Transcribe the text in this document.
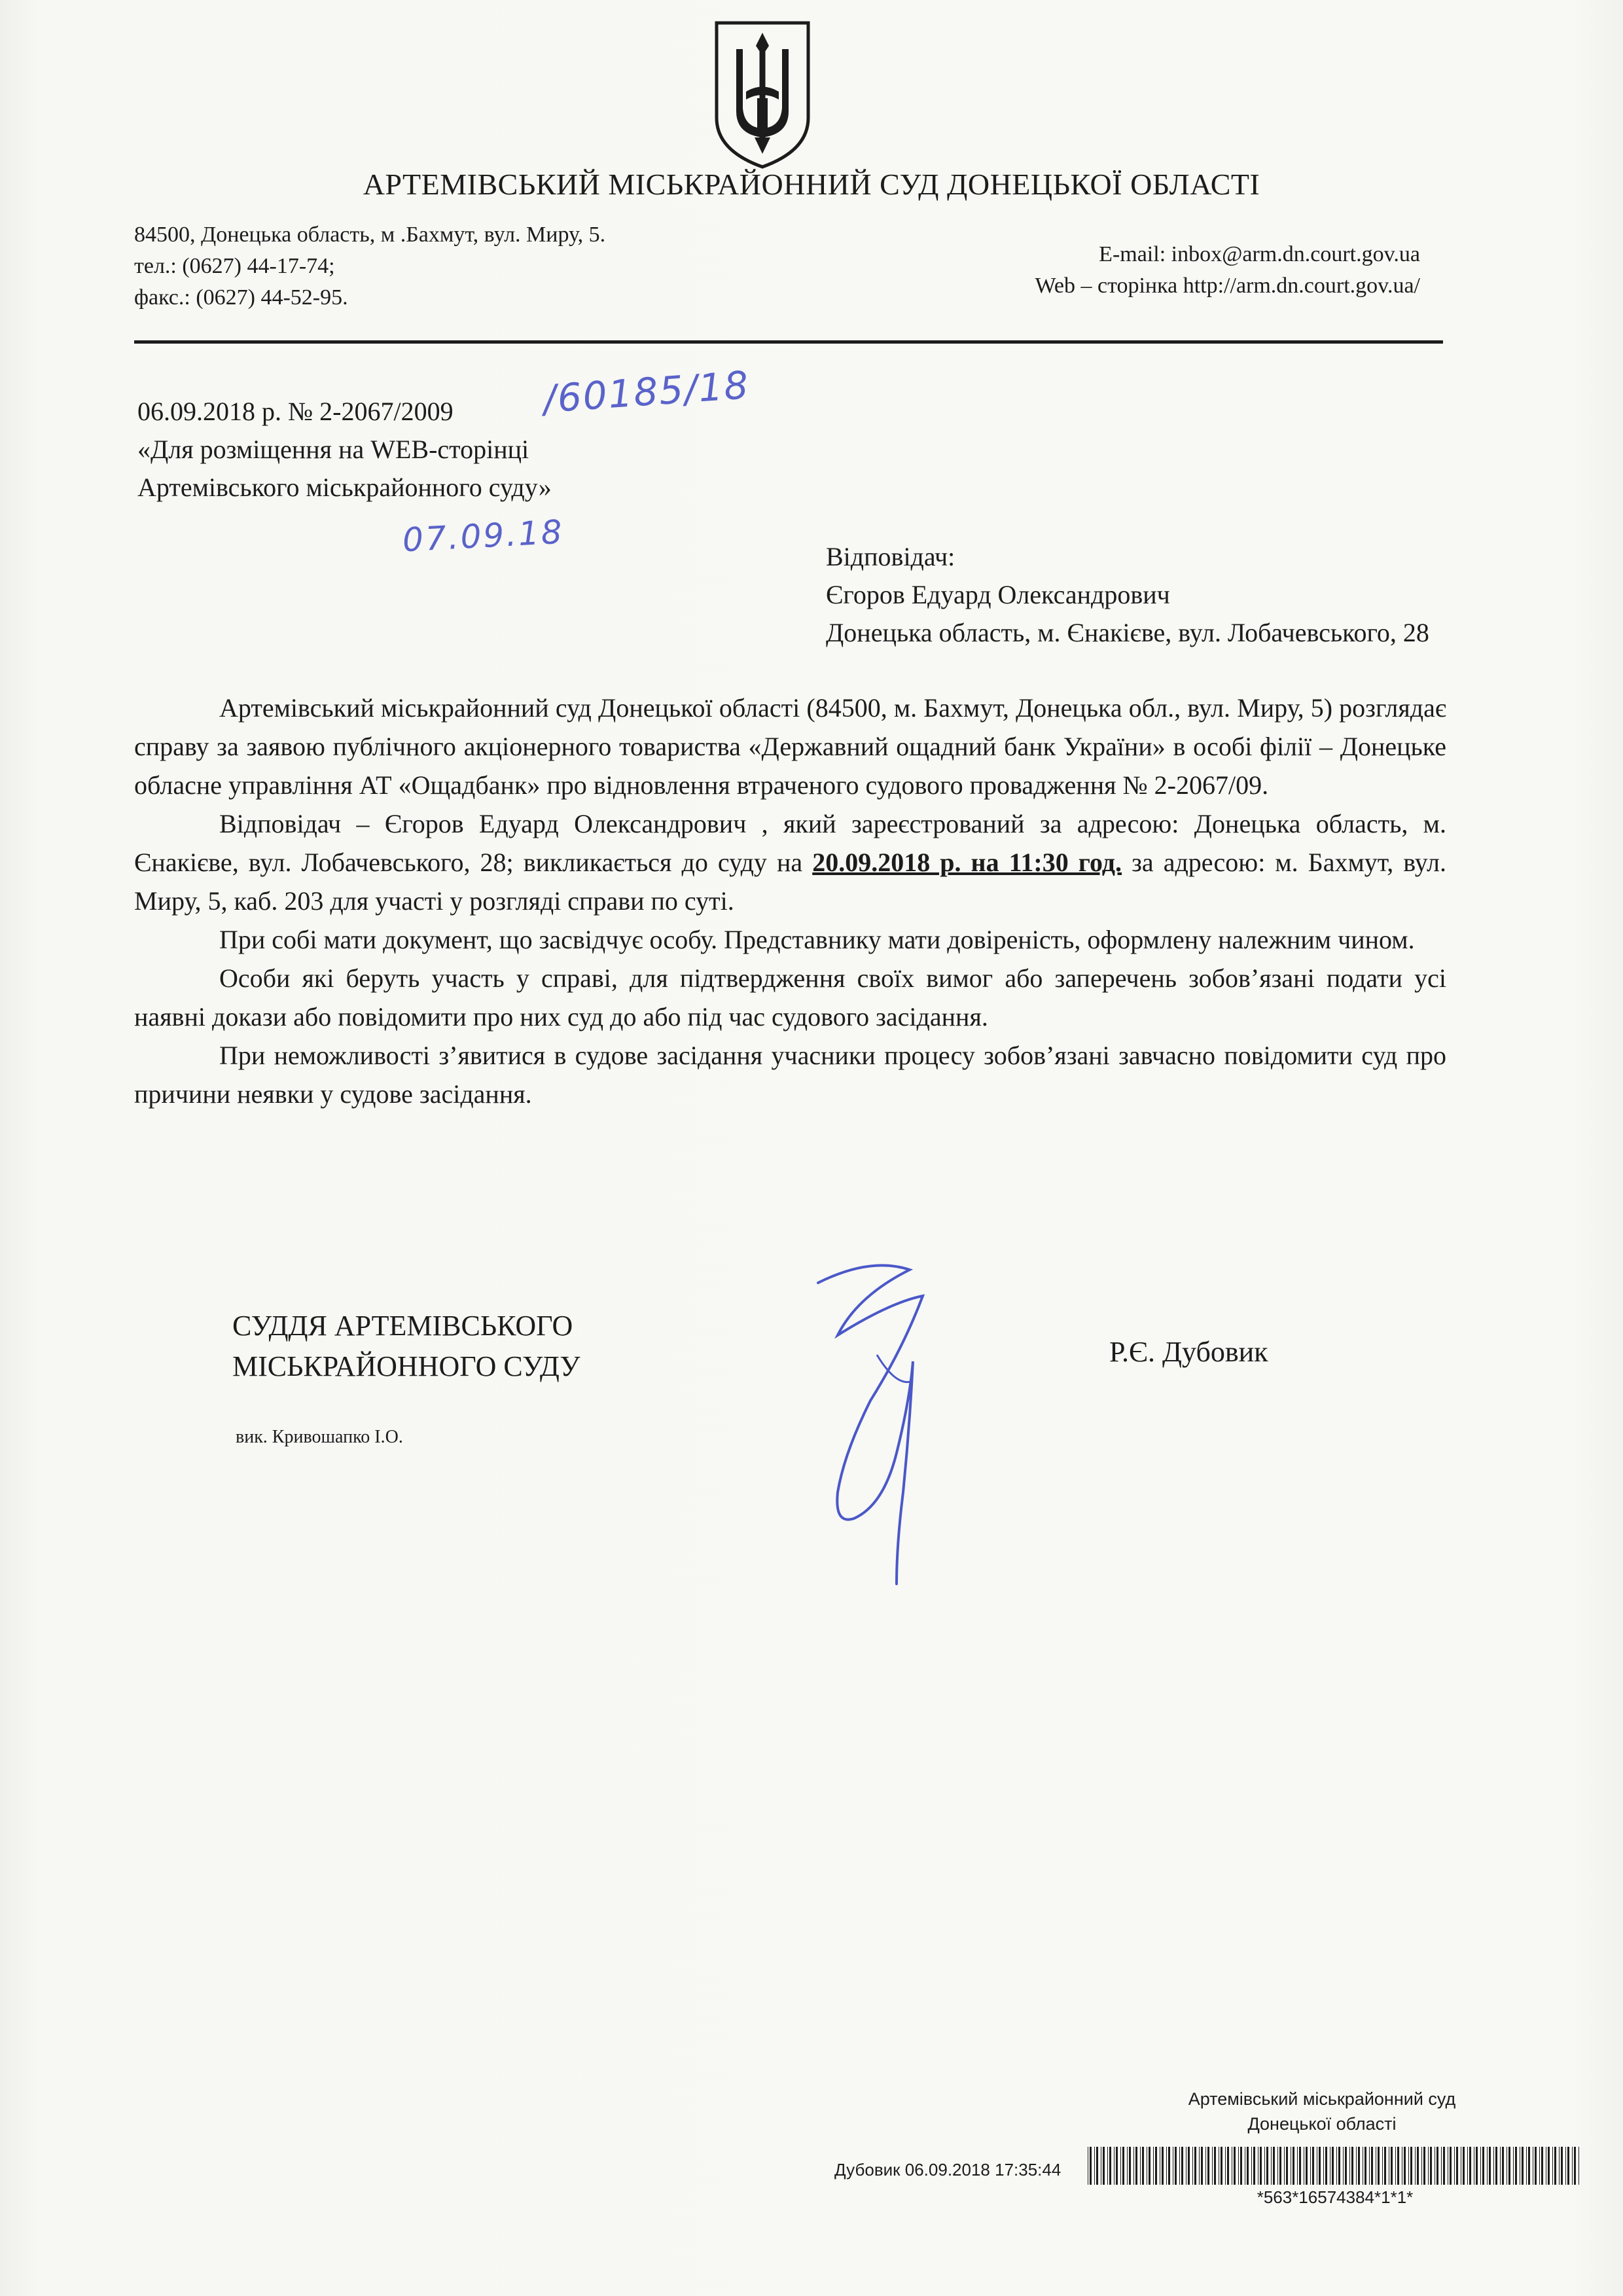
АРТЕМІВСЬКИЙ МІСЬКРАЙОННИЙ СУД ДОНЕЦЬКОЇ ОБЛАСТІ
84500, Донецька область, м .Бахмут, вул. Миру, 5.
тел.: (0627) 44-17-74;
факс.: (0627) 44-52-95.
E-mail: inbox@arm.dn.court.gov.ua
Web – сторінка http://arm.dn.court.gov.ua/
06.09.2018 р. № 2-2067/2009
«Для розміщення на WEB-сторінці
Артемівського міськрайонного суду»
/60185/18
07.09.18	Відповідач:
Єгоров Едуард Олександрович
Донецька область, м. Єнакієве, вул. Лобачевського, 28

Артемівський міськрайонний суд Донецької області (84500, м. Бахмут, Донецька обл., вул. Миру, 5) розглядає справу за заявою публічного акціонерного товариства «Державний ощадний банк України» в особі філії – Донецьке обласне управління АТ «Ощадбанк» про відновлення втраченого судового провадження № 2-2067/09.

Відповідач – Єгоров Едуард Олександрович , який зареєстрований за адресою: Донецька область, м. Єнакієве, вул. Лобачевського, 28; викликається до суду на 20.09.2018 р. на 11:30 год. за адресою: м. Бахмут, вул. Миру, 5, каб. 203 для участі у розгляді справи по суті.

При собі мати документ, що засвідчує особу. Представнику мати довіреність, оформлену належним чином.

Особи які беруть участь у справі, для підтвердження своїх вимог або заперечень зобов’язані подати усі наявні докази або повідомити про них суд до або під час судового засідання.

При неможливості з’явитися в судове засідання учасники процесу зобов’язані завчасно повідомити суд про причини неявки у судове засідання.

СУДДЯ АРТЕМІВСЬКОГО
МІСЬКРАЙОННОГО СУДУ
вик. Кривошапко І.О.
Р.Є. Дубовик
Артемівський міськрайонний суд
Донецької області
Дубовик 06.09.2018 17:35:44
*563*16574384*1*1*
